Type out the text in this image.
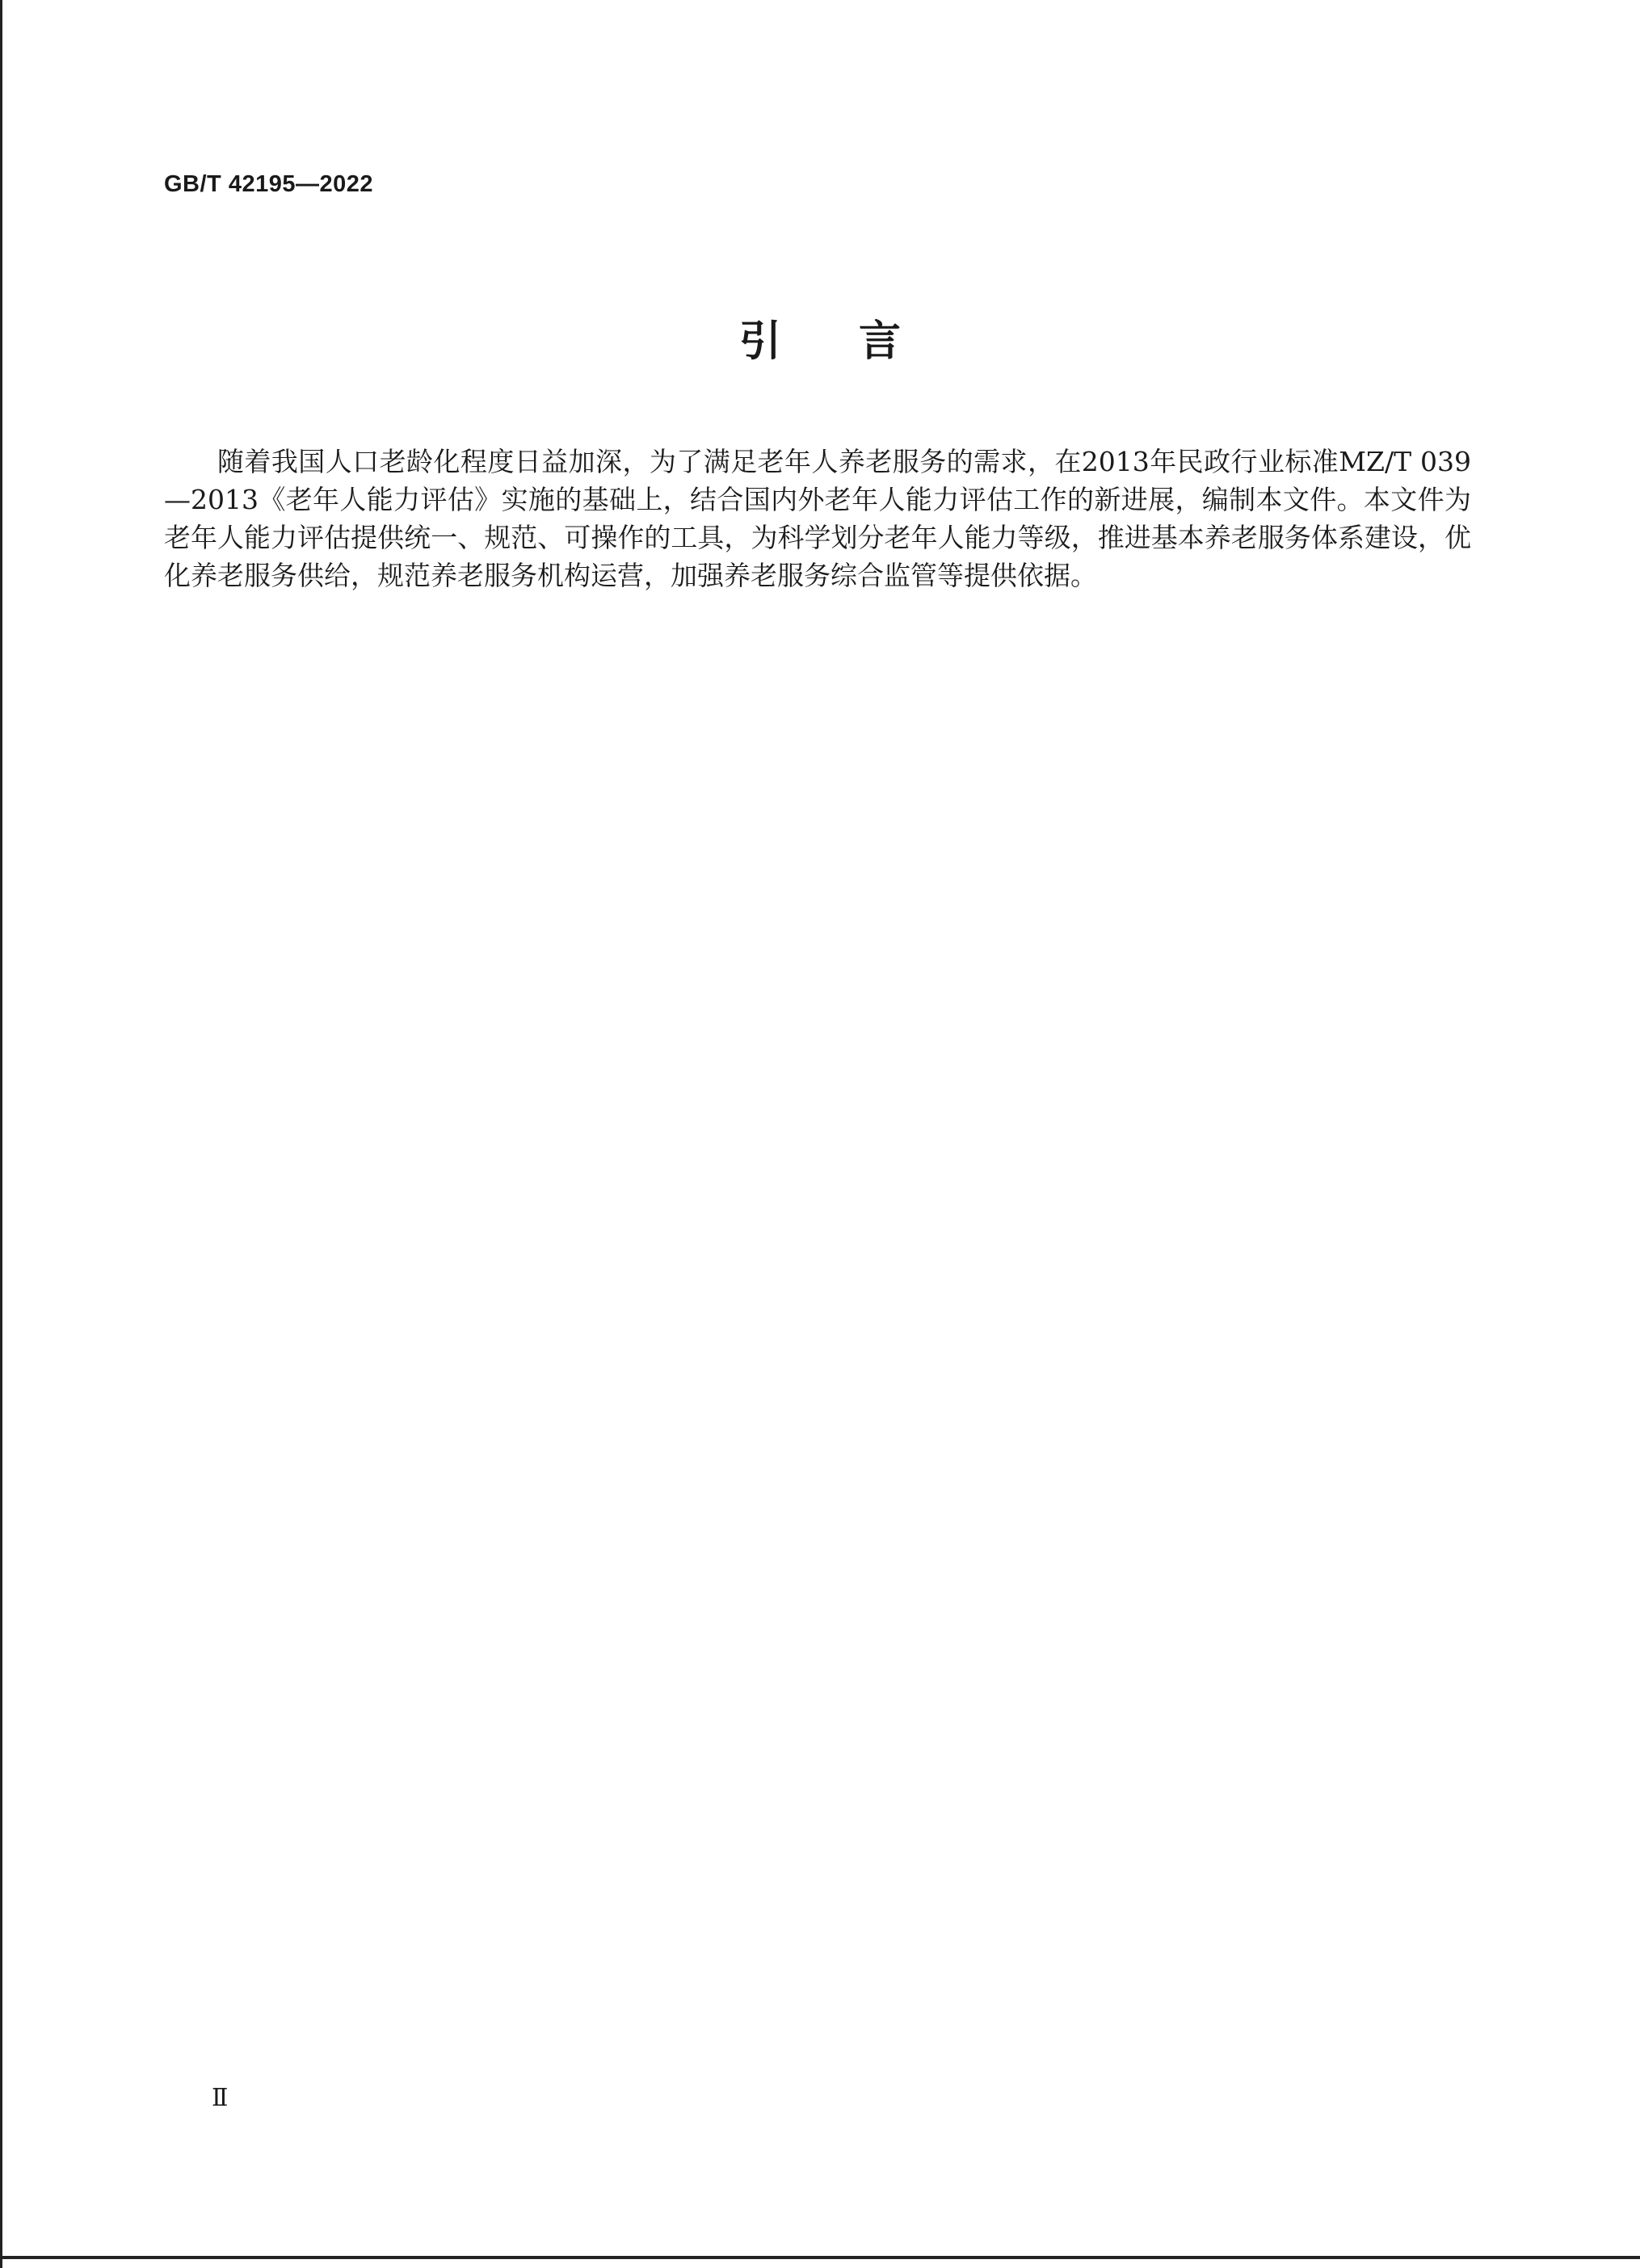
GB/T 42195—2022
引言

随着我国人口老龄化程度日益加深，为了满足老年人养老服务的需求，在2013年民政行业标准MZ/T 039—2013《老年人能力评估》实施的基础上，结合国内外老年人能力评估工作的新进展，编制本文件。本文件为老年人能力评估提供统一、规范、可操作的工具，为科学划分老年人能力等级，推进基本养老服务体系建设，优化养老服务供给，规范养老服务机构运营，加强养老服务综合监管等提供依据。

Ⅱ
